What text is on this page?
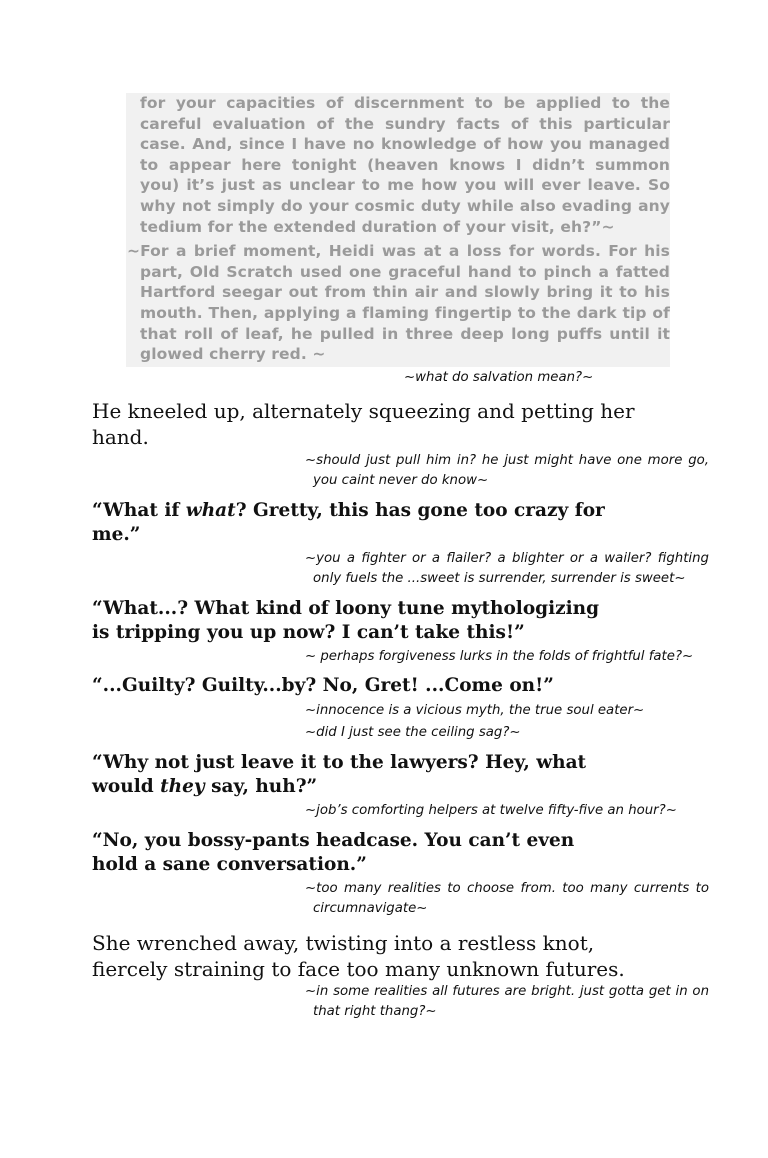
for your capacities of discernment to be applied to the careful evaluation of the sundry facts of this particular case. And, since I have no knowledge of how you managed to appear here tonight (heaven knows I didn’t summon you) it’s just as unclear to me how you will ever leave. So why not simply do your cosmic duty while also evading any tedium for the extended duration of your visit, eh?”~

~For a brief moment, Heidi was at a loss for words. For his part, Old Scratch used one graceful hand to pinch a fatted Hartford seegar out from thin air and slowly bring it to his mouth. Then, applying a flaming fingertip to the dark tip of that roll of leaf, he pulled in three deep long puffs until it glowed cherry red. ~

~what do salvation mean?~

He kneeled up, alternately squeezing and petting her
hand.

~should just pull him in? he just might have one more go, you caint never do know~

“What if what? Gretty, this has gone too crazy for
me.”

~you a fighter or a flailer? a blighter or a wailer? fighting only fuels the ...sweet is surrender, surrender is sweet~

“What...? What kind of loony tune mythologizing
is tripping you up now? I can’t take this!”

~ perhaps forgiveness lurks in the folds of frightful fate?~

“...Guilty? Guilty...by? No, Gret! ...Come on!”

~innocence is a vicious myth, the true soul eater~

~did I just see the ceiling sag?~

“Why not just leave it to the lawyers? Hey, what
would they say, huh?”

~job’s comforting helpers at twelve fifty-five an hour?~

“No, you bossy-pants headcase. You can’t even
hold a sane conversation.”

~too many realities to choose from. too many currents to circumnavigate~

She wrenched away, twisting into a restless knot,
fiercely straining to face too many unknown futures.

~in some realities all futures are bright. just gotta get in on that right thang?~
